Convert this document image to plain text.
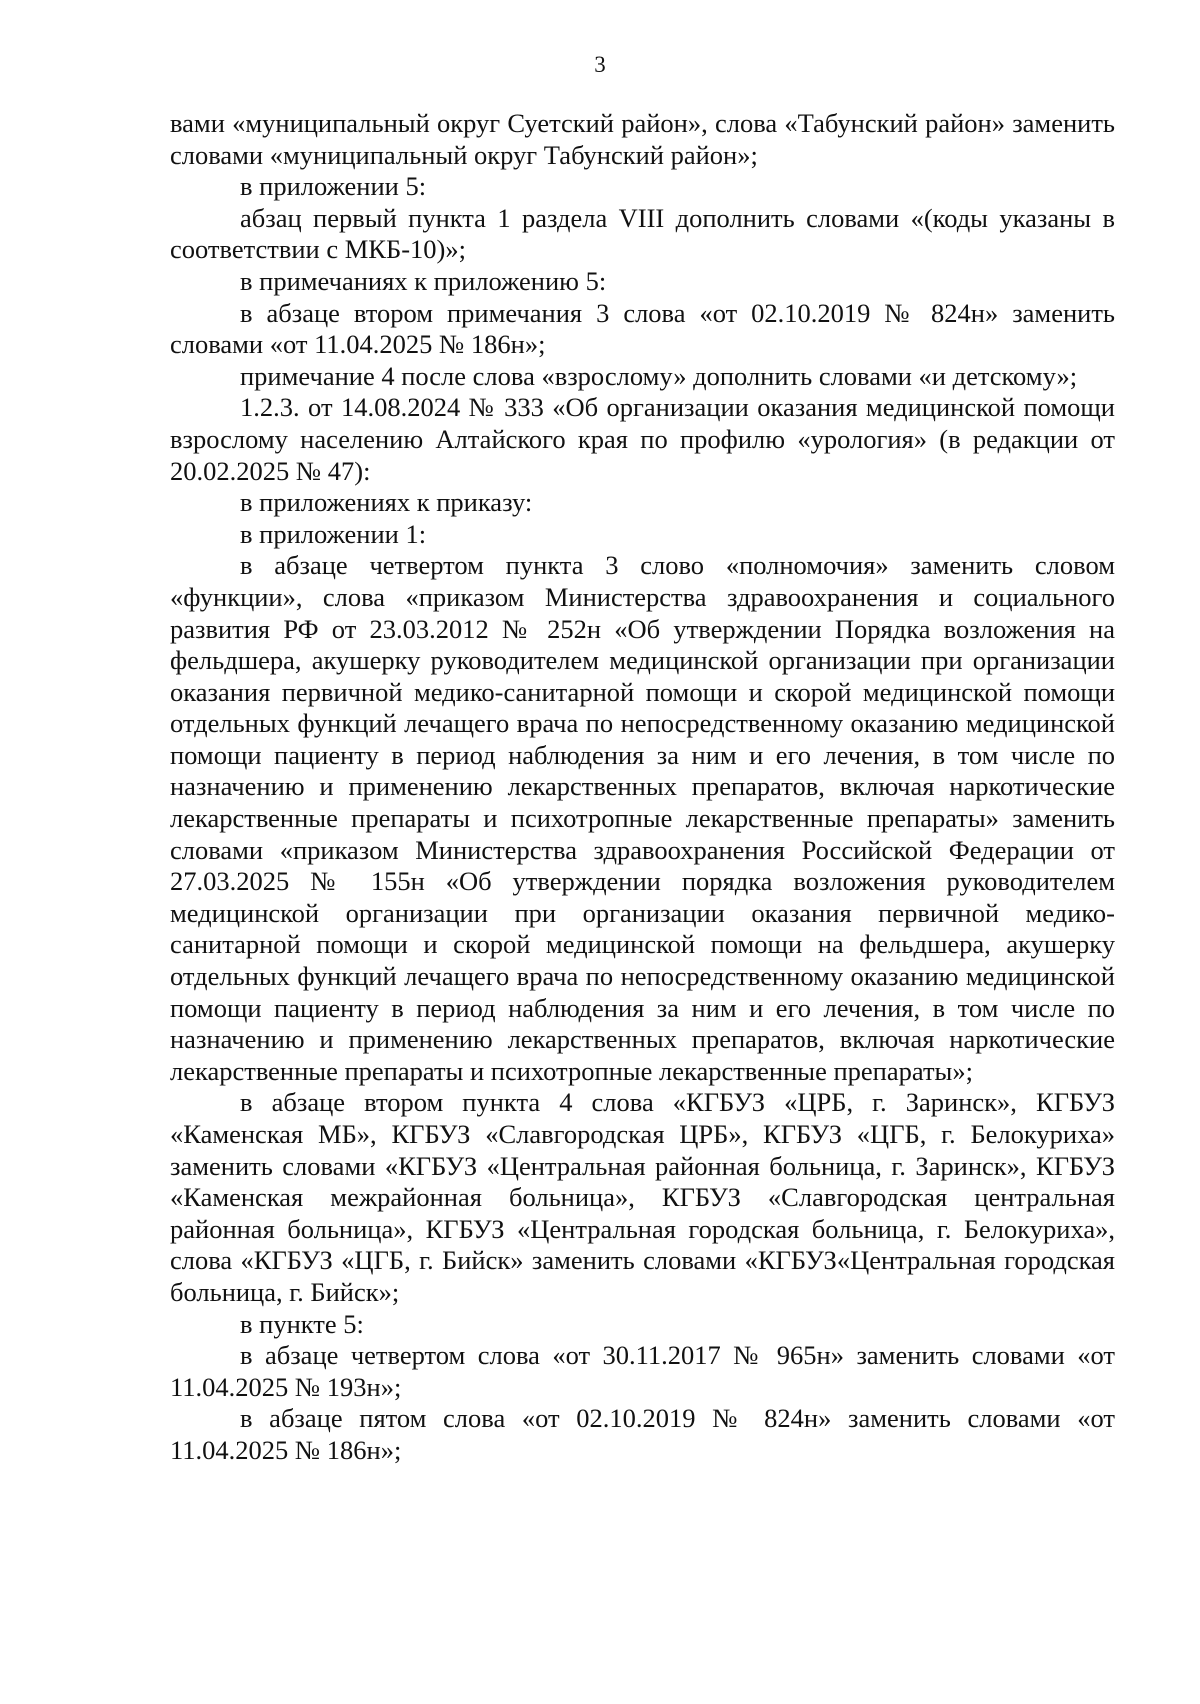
3

вами «муниципальный округ Суетский район», слова «Табунский район» заменить словами «муниципальный округ Табунский район»;

в приложении 5:

абзац первый пункта 1 раздела VIII дополнить словами «(коды указаны в соответствии с МКБ-10)»;

в примечаниях к приложению 5:

в абзаце втором примечания 3 слова «от 02.10.2019 № 824н» заменить словами «от 11.04.2025 № 186н»;

примечание 4 после слова «взрослому» дополнить словами «и детскому»;

1.2.3. от 14.08.2024 № 333 «Об организации оказания медицинской помощи взрослому населению Алтайского края по профилю «урология» (в редакции от 20.02.2025 № 47):

в приложениях к приказу:

в приложении 1:

в абзаце четвертом пункта 3 слово «полномочия» заменить словом «функции», слова «приказом Министерства здравоохранения и социального развития РФ от 23.03.2012 № 252н «Об утверждении Порядка возложения на фельдшера, акушерку руководителем медицинской организации при организации оказания первичной медико-санитарной помощи и скорой медицинской помощи отдельных функций лечащего врача по непосредственному оказанию медицинской помощи пациенту в период наблюдения за ним и его лечения, в том числе по назначению и применению лекарственных препаратов, включая наркотические лекарственные препараты и психотропные лекарственные препараты» заменить словами «приказом Министерства здравоохранения Российской Федерации от 27.03.2025 № 155н «Об утверждении порядка возложения руководителем медицинской организации при организации оказания первичной медико-санитарной помощи и скорой медицинской помощи на фельдшера, акушерку отдельных функций лечащего врача по непосредственному оказанию медицинской помощи пациенту в период наблюдения за ним и его лечения, в том числе по назначению и применению лекарственных препаратов, включая наркотические лекарственные препараты и психотропные лекарственные препараты»;

в абзаце втором пункта 4 слова «КГБУЗ «ЦРБ, г. Заринск», КГБУЗ «Каменская МБ», КГБУЗ «Славгородская ЦРБ», КГБУЗ «ЦГБ, г. Белокуриха» заменить словами «КГБУЗ «Центральная районная больница, г. Заринск», КГБУЗ «Каменская межрайонная больница», КГБУЗ «Славгородская центральная районная больница», КГБУЗ «Центральная городская больница, г. Белокуриха», слова «КГБУЗ «ЦГБ, г. Бийск» заменить словами «КГБУЗ«Центральная городская больница, г. Бийск»;

в пункте 5:

в абзаце четвертом слова «от 30.11.2017 № 965н» заменить словами «от 11.04.2025 № 193н»;

в абзаце пятом слова «от 02.10.2019 № 824н» заменить словами «от 11.04.2025 № 186н»;
